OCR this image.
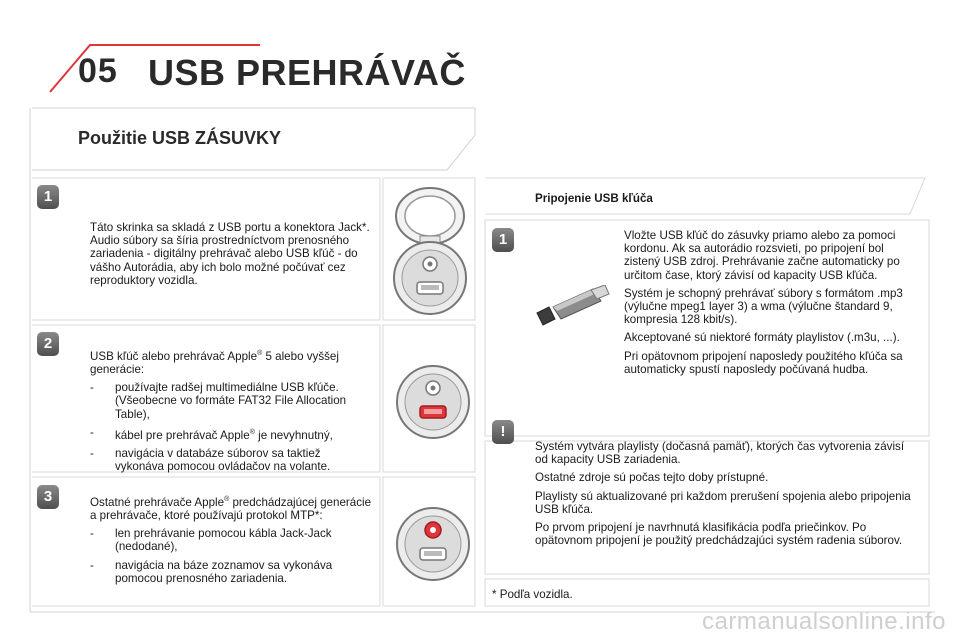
05 USB PREHRÁVAČ
Použitie USB ZÁSUVKY
1
Táto skrinka sa skladá z USB portu a konektora Jack*. Audio súbory sa šíria prostredníctvom prenosného zariadenia - digitálny prehrávač alebo USB kľúč - do vášho Autorádia, aby ich bolo možné počúvať cez reproduktory vozidla.
2

USB kľúč alebo prehrávač Apple® 5 alebo vyššej generácie:

- používajte radšej multimediálne USB kľúče. (Všeobecne vo formáte FAT32 File Allocation Table),
- kábel pre prehrávač Apple® je nevyhnutný,
- navigácia v databáze súborov sa taktiež vykonáva pomocou ovládačov na volante.
3	Ostatné prehrávače Apple® predchádzajúcej generácie a prehrávače, ktoré používajú protokol MTP*:

- len prehrávanie pomocou kábla Jack-Jack (nedodané),
- navigácia na báze zoznamov sa vykonáva pomocou prenosného zariadenia.
Pripojenie USB kľúča
1	Vložte USB kľúč do zásuvky priamo alebo za pomoci kordonu. Ak sa autorádio rozsvieti, po pripojení bol zistený USB zdroj. Prehrávanie začne automaticky po určitom čase, ktorý závisí od kapacity USB kľúča.

Systém je schopný prehrávať súbory s formátom .mp3 (výlučne mpeg1 layer 3) a wma (výlučne štandard 9, kompresia 128 kbit/s).

Akceptované sú niektoré formáty playlistov (.m3u, ...).

Pri opätovnom pripojení naposledy použitého kľúča sa automaticky spustí naposledy počúvaná hudba.

!

Systém vytvára playlisty (dočasná pamäť), ktorých čas vytvorenia závisí od kapacity USB zariadenia.

Ostatné zdroje sú počas tejto doby prístupné.

Playlisty sú aktualizované pri každom prerušení spojenia alebo pripojenia USB kľúča.

Po prvom pripojení je navrhnutá klasifikácia podľa priečinkov. Po opätovnom pripojení je použitý predchádzajúci systém radenia súborov.

* Podľa vozidla.
carmanualsonline.info
